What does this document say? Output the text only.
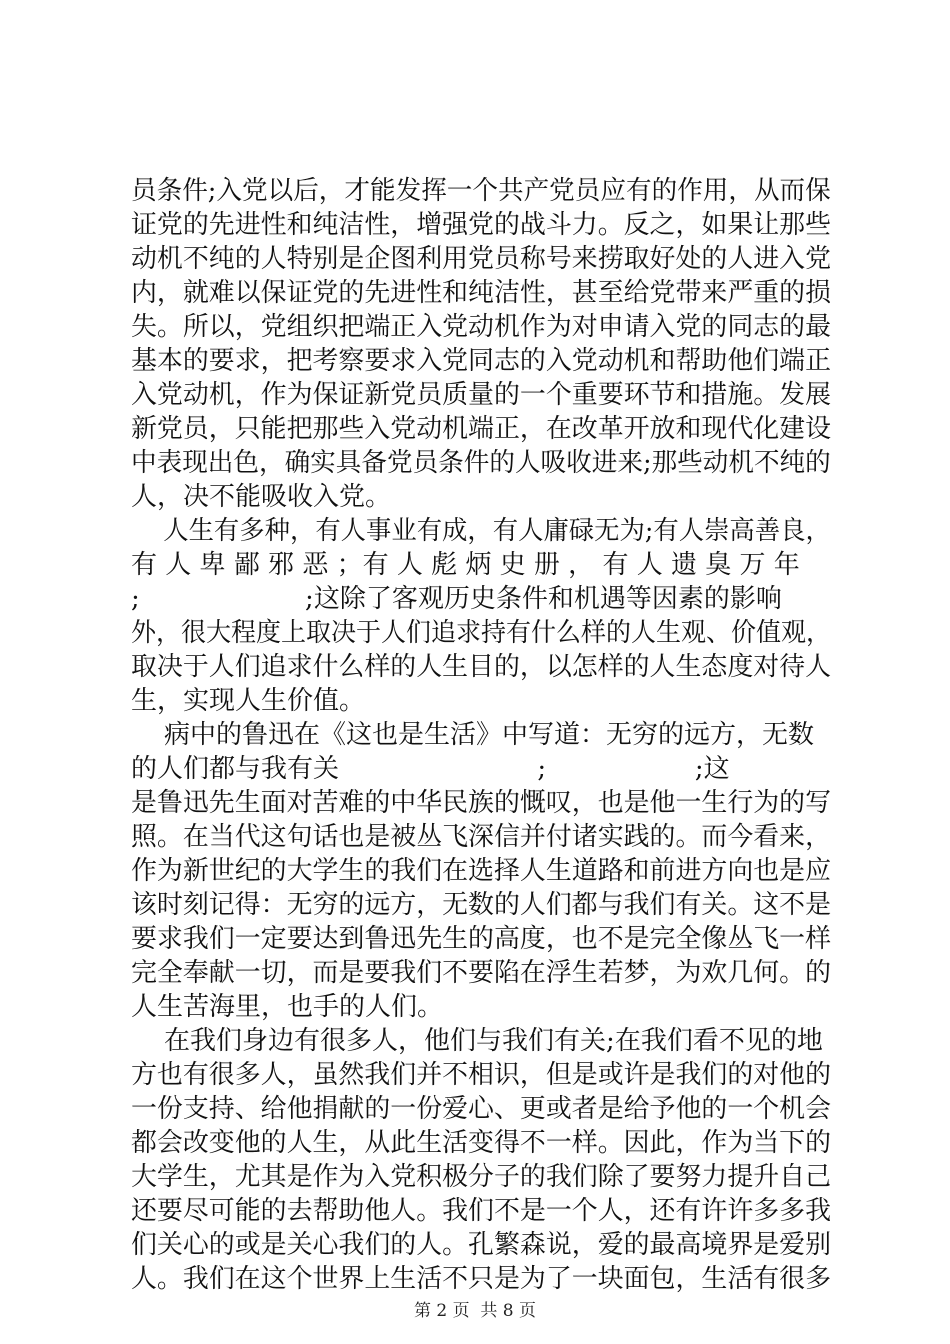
员条件;入党以后，才能发挥一个共产党员应有的作用，从而保
证党的先进性和纯洁性，增强党的战斗力。反之，如果让那些
动机不纯的人特别是企图利用党员称号来捞取好处的人进入党
内，就难以保证党的先进性和纯洁性，甚至给党带来严重的损
失。所以，党组织把端正入党动机作为对申请入党的同志的最
基本的要求，把考察要求入党同志的入党动机和帮助他们端正
入党动机，作为保证新党员质量的一个重要环节和措施。发展
新党员，只能把那些入党动机端正，在改革开放和现代化建设
中表现出色，确实具备党员条件的人吸收进来;那些动机不纯的
人，决不能吸收入党。
人生有多种，有人事业有成，有人庸碌无为;有人崇高善良，
有 人 卑 鄙 邪 恶 ；有 人 彪 炳 史 册 ， 有 人 遗 臭 万 年
;                    ;这除了客观历史条件和机遇等因素的影响
外，很大程度上取决于人们追求持有什么样的人生观、价值观，
取决于人们追求什么样的人生目的，以怎样的人生态度对待人
生，实现人生价值。
病中的鲁迅在《这也是生活》中写道：无穷的远方，无数
的人们都与我有关                        ;                  ;这
是鲁迅先生面对苦难的中华民族的慨叹，也是他一生行为的写
照。在当代这句话也是被丛飞深信并付诸实践的。而今看来，
作为新世纪的大学生的我们在选择人生道路和前进方向也是应
该时刻记得：无穷的远方，无数的人们都与我们有关。这不是
要求我们一定要达到鲁迅先生的高度，也不是完全像丛飞一样
完全奉献一切，而是要我们不要陷在浮生若梦，为欢几何。的
人生苦海里，也手的人们。
在我们身边有很多人，他们与我们有关;在我们看不见的地
方也有很多人，虽然我们并不相识，但是或许是我们的对他的
一份支持、给他捐献的一份爱心、更或者是给予他的一个机会
都会改变他的人生，从此生活变得不一样。因此，作为当下的
大学生，尤其是作为入党积极分子的我们除了要努力提升自己
还要尽可能的去帮助他人。我们不是一个人，还有许许多多我
们关心的或是关心我们的人。孔繁森说，爱的最高境界是爱别
人。我们在这个世界上生活不只是为了一块面包，生活有很多
第 2 页  共 8 页
